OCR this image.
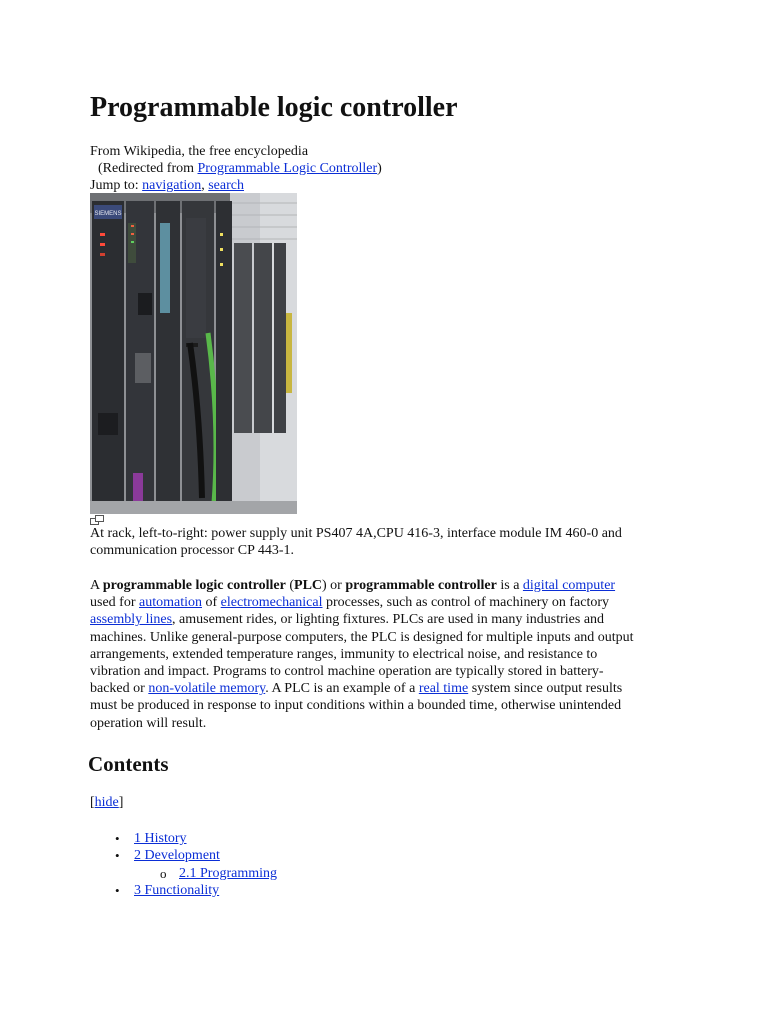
Programmable logic controller
From Wikipedia, the free encyclopedia
(Redirected from Programmable Logic Controller)
Jump to: navigation, search
SIEMENS
At rack, left-to-right: power supply unit PS407 4A,CPU 416-3, interface module IM 460-0 and
communication processor CP 443-1.
A programmable logic controller (PLC) or programmable controller is a digital computer
used for automation of electromechanical processes, such as control of machinery on factory
assembly lines, amusement rides, or lighting fixtures. PLCs are used in many industries and
machines. Unlike general-purpose computers, the PLC is designed for multiple inputs and output
arrangements, extended temperature ranges, immunity to electrical noise, and resistance to
vibration and impact. Programs to control machine operation are typically stored in battery-
backed or non-volatile memory. A PLC is an example of a real time system since output results
must be produced in response to input conditions within a bounded time, otherwise unintended
operation will result.
Contents
[hide]
• 1 History
• 2 Development
o 2.1 Programming
• 3 Functionality
